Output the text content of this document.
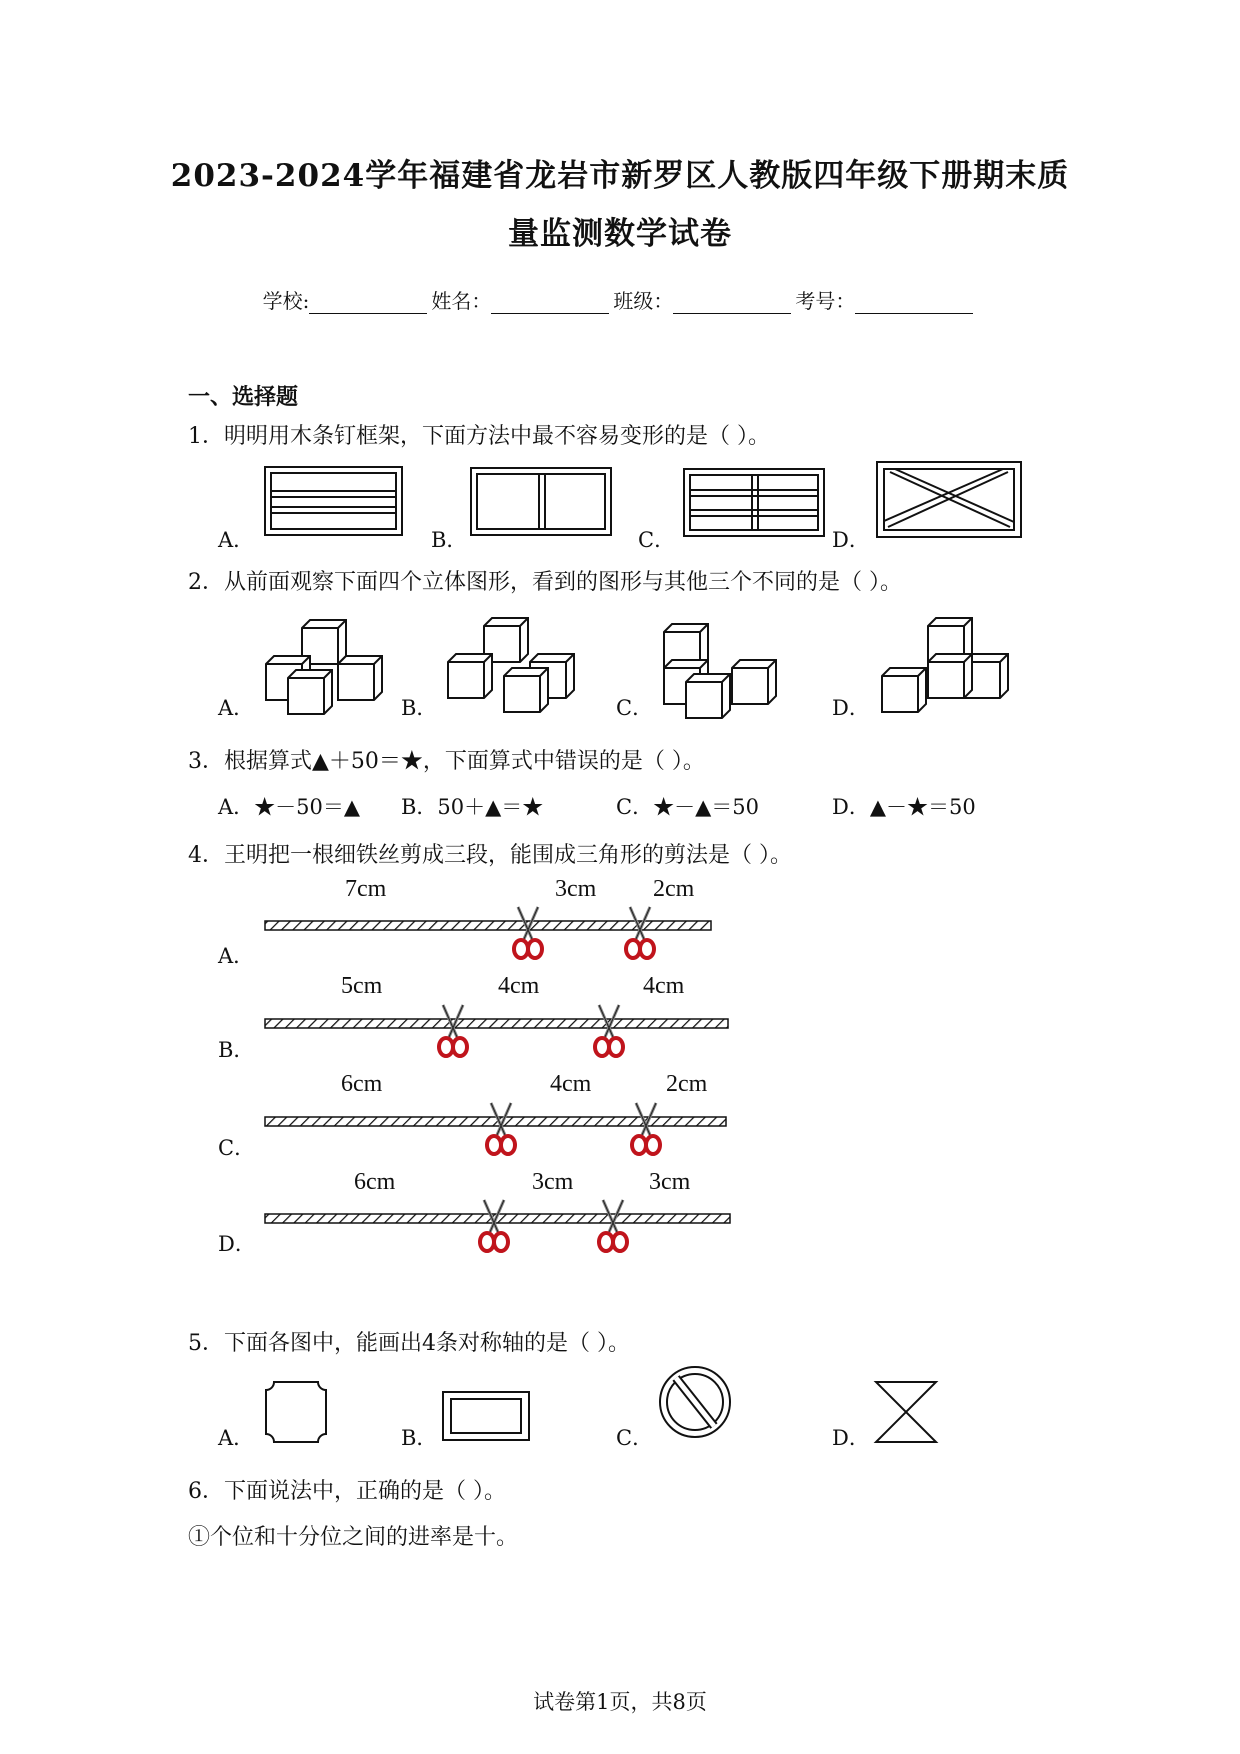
2023-2024学年福建省龙岩市新罗区人教版四年级下册期末质
量监测数学试卷
学校:	姓名：	班级：	考号：
一、选择题
1．明明用木条钉框架，下面方法中最不容易变形的是（ ）。
A．	B．	C．	D．
2．从前面观察下面四个立体图形，看到的图形与其他三个不同的是（ ）。
A．	B．	C．	D．
3．根据算式▲＋50＝★，下面算式中错误的是（ ）。
A．★－50＝▲ B．50＋▲＝★	C．★－▲＝50	D．▲－★＝50
4．王明把一根细铁丝剪成三段，能围成三角形的剪法是（ ）。
A．
B．
C．
D．
7cm	3cm 2cm
5cm	4cm	4cm
6cm	4cm	2cm
6cm	3cm	3cm
5．下面各图中，能画出4条对称轴的是（ ）。
A．	B．	C．	D．
6．下面说法中，正确的是（ ）。
①个位和十分位之间的进率是十。
试卷第1页，共8页
